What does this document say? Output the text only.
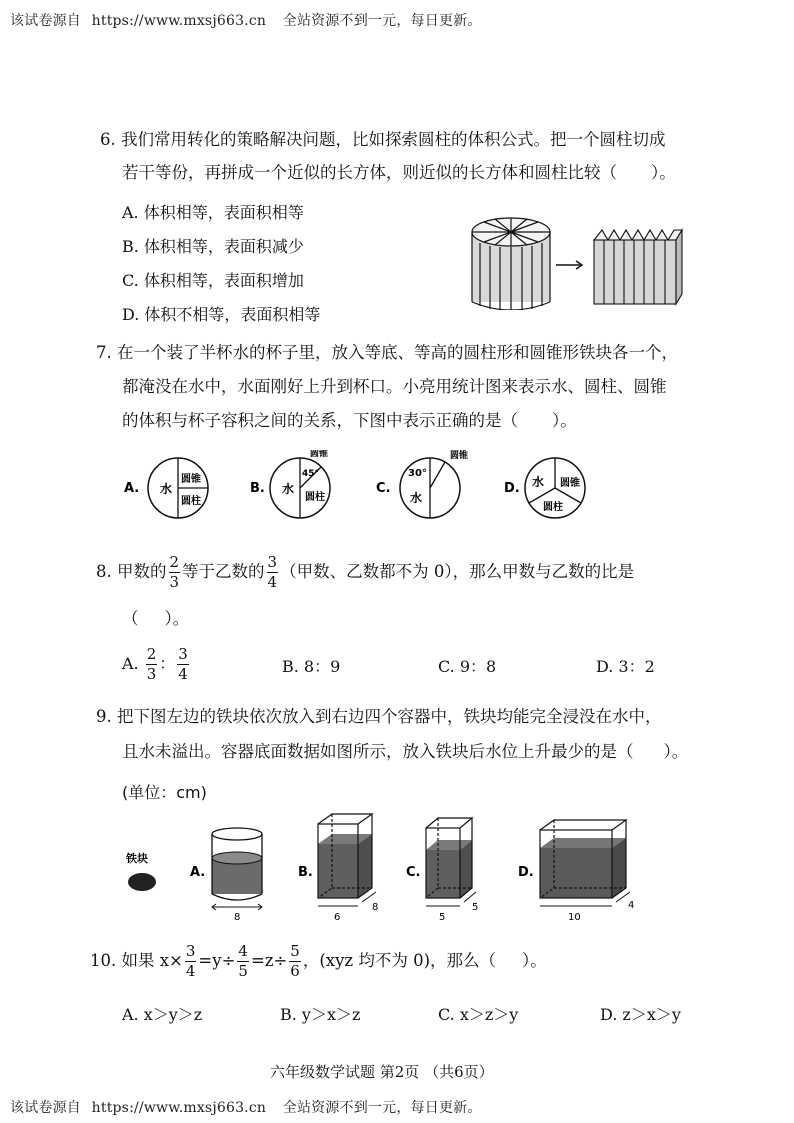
该试卷源自 https://www.mxsj663.cn 全站资源不到一元，每日更新。
6. 我们常用转化的策略解决问题，比如探索圆柱的体积公式。把一个圆柱切成
若干等份，再拼成一个近似的长方体，则近似的长方体和圆柱比较（ ）。
A. 体积相等，表面积相等
B. 体积相等，表面积减少
C. 体积相等，表面积增加
D. 体积不相等，表面积相等
7. 在一个装了半杯水的杯子里，放入等底、等高的圆柱形和圆锥形铁块各一个，
都淹没在水中，水面刚好上升到杯口。小亮用统计图来表示水、圆柱、圆锥
的体积与杯子容积之间的关系，下图中表示正确的是（ ）。
A. 水
圆锥
圆柱
B. 水
45°
圆锥
圆柱
C.
30°
水
圆锥
D. 水 圆锥
圆柱
8. 甲数的 $\frac{2}{3}$ 等于乙数的 $\frac{3}{4}$ （甲数、乙数都不为 0），那么甲数与乙数的比是
（ ）。
A. $\frac{2}{3}$ ： $\frac{3}{4}$	B. 8：9	C. 9：8	D. 3：2
9. 把下图左边的铁块依次放入到右边四个容器中，铁块均能完全浸没在水中，
且水未溢出。容器底面数据如图所示，放入铁块后水位上升最少的是（ ）。
(单位：cm)
铁块
A.
8
B.
6
8
C.
5
5
D.
10
4
10. 如果 $x\times \frac{3}{4} =y\div \frac{4}{5} =z\div \frac{5}{6}$ ，(xyz 均不为 0)，那么（ ）。
A. x＞y＞z	B. y＞x＞z	C. x＞z＞y	D. z＞x＞y
六年级数学试题 第2页 （共6页）
该试卷源自 https://www.mxsj663.cn 全站资源不到一元，每日更新。
